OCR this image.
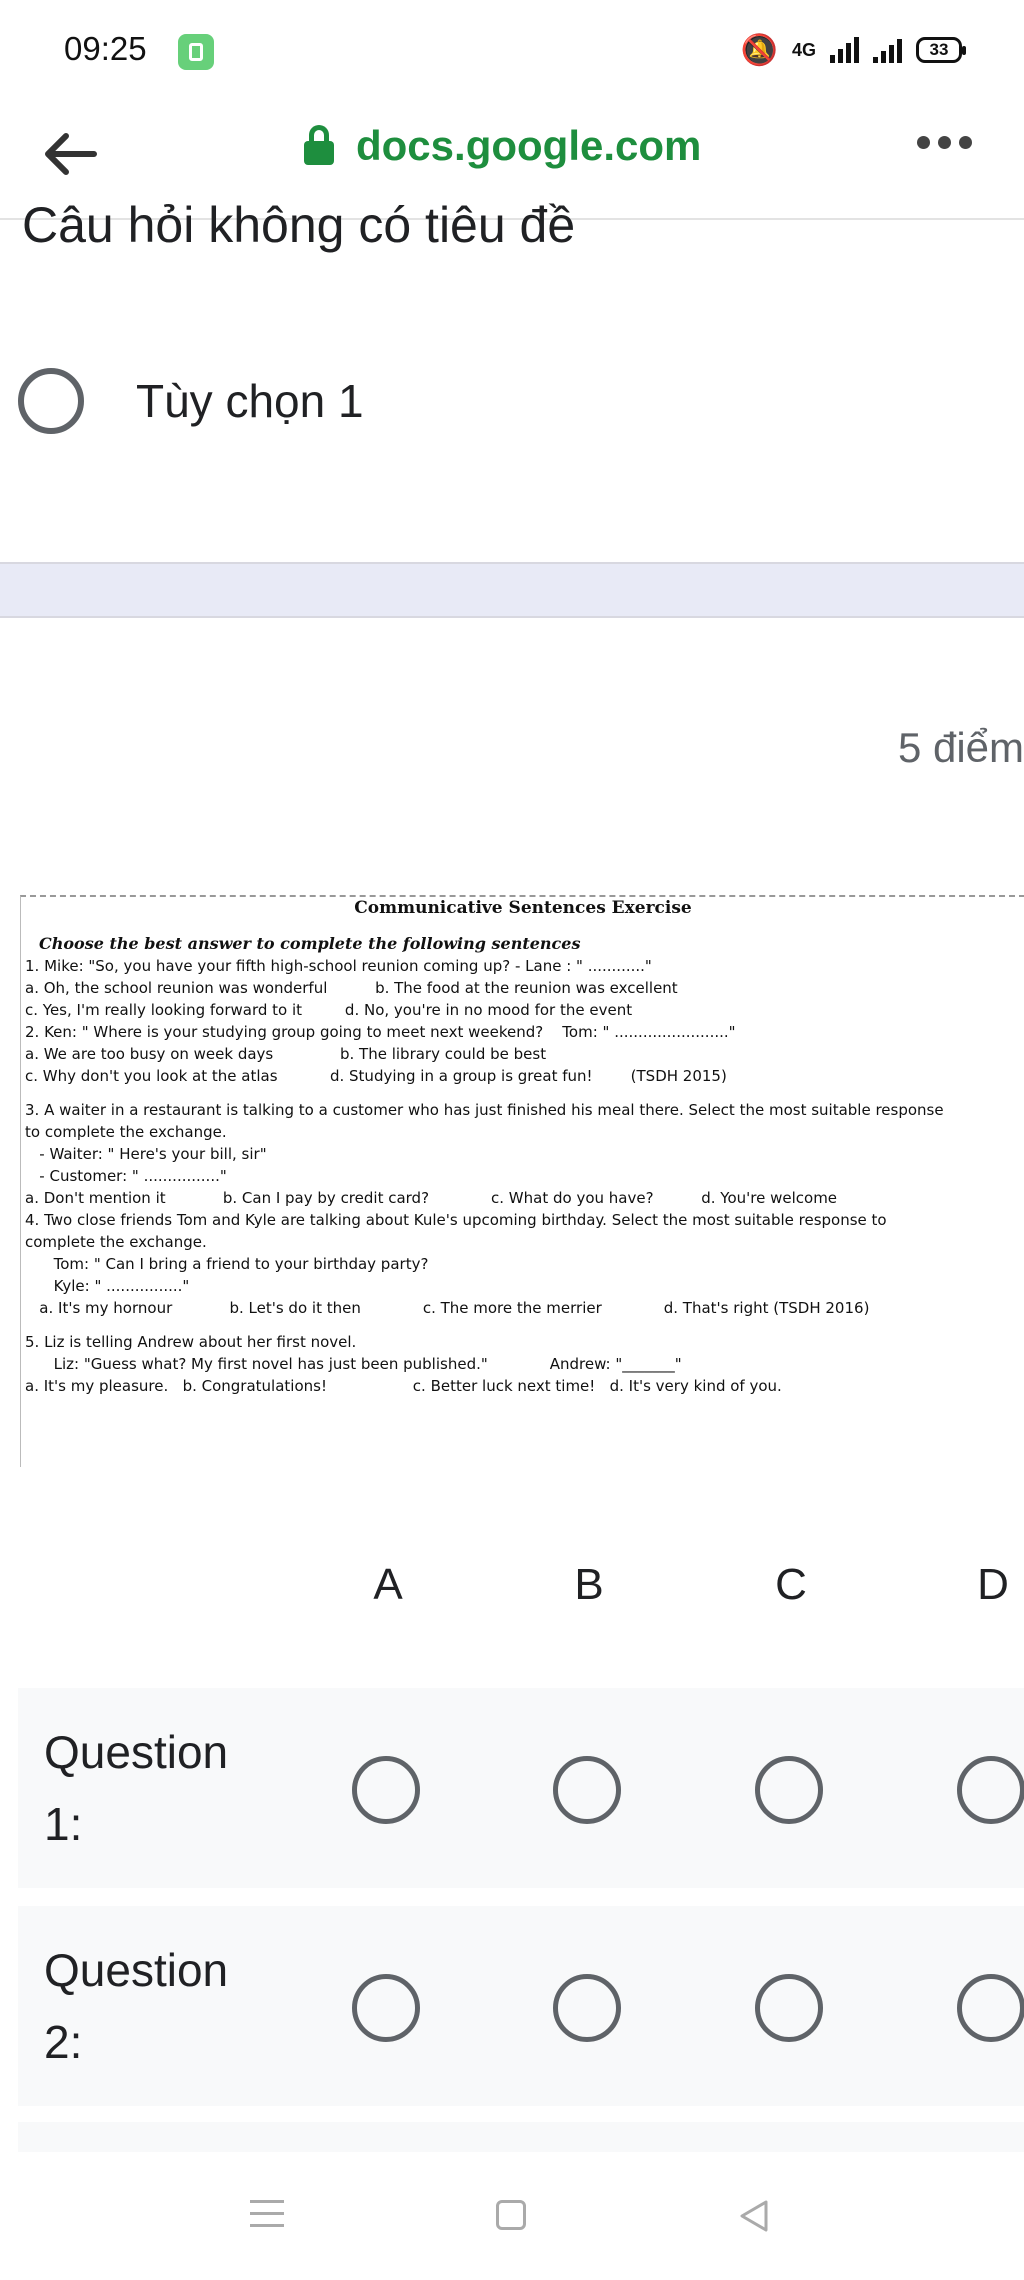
09:25	🔕 4G	33
docs.google.com
Câu hỏi không có tiêu đề
Tùy chọn 1
5 điểm
Communicative Sentences Exercise
Choose the best answer to complete the following sentences
1. Mike: "So, you have your fifth high-school reunion coming up? - Lane : " ............"
a. Oh, the school reunion was wonderful          b. The food at the reunion was excellent
c. Yes, I'm really looking forward to it         d. No, you're in no mood for the event
2. Ken: " Where is your studying group going to meet next weekend?    Tom: " ........................"
a. We are too busy on week days              b. The library could be best
c. Why don't you look at the atlas           d. Studying in a group is great fun!        (TSDH 2015)
3. A waiter in a restaurant is talking to a customer who has just finished his meal there. Select the most suitable response
to complete the exchange.
- Waiter: " Here's your bill, sir"
- Customer: " ................"
a. Don't mention it            b. Can I pay by credit card?             c. What do you have?          d. You're welcome
4. Two close friends Tom and Kyle are talking about Kule's upcoming birthday. Select the most suitable response to
complete the exchange.
Tom: " Can I bring a friend to your birthday party?
Kyle: " ................"
a. It's my hornour            b. Let's do it then             c. The more the merrier             d. That's right (TSDH 2016)
5. Liz is telling Andrew about her first novel.
Liz: "Guess what? My first novel has just been published."             Andrew: "_______"
a. It's my pleasure.   b. Congratulations!                  c. Better luck next time!   d. It's very kind of you.
A	B	C	D
Question 1:
Question 2:
